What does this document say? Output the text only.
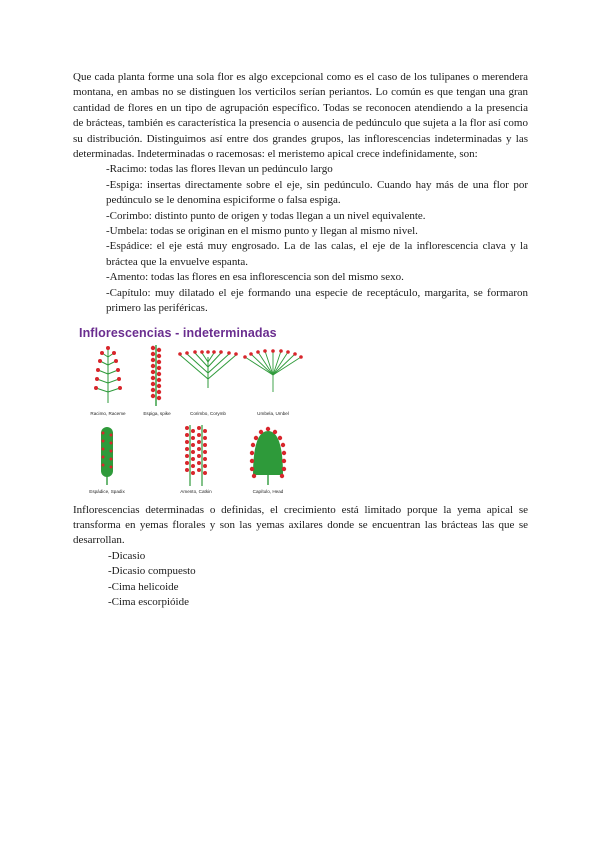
Que cada planta forme una sola flor es algo excepcional como es el caso de los tulipanes o merendera montana, en ambas no se distinguen los verticilos serían periantos. Lo común es que tengan una gran cantidad de flores en un tipo de agrupación específico. Todas se reconocen atendiendo a la presencia de brácteas, también es característica la presencia o ausencia de pedúnculo que sujeta a la flor así como su distribución. Distinguimos así entre dos grandes grupos, las inflorescencias indeterminadas y las determinadas. Indeterminadas o racemosas: el meristemo apical crece indefinidamente, son:

-Racimo: todas las flores llevan un pedúnculo largo
-Espiga: insertas directamente sobre el eje, sin pedúnculo. Cuando hay más de una flor por pedúnculo se le denomina espiciforme o falsa espiga.
-Corimbo: distinto punto de origen y todas llegan a un nivel equivalente.
-Umbela: todas se originan en el mismo punto y llegan al mismo nivel.
-Espádice: el eje está muy engrosado. La de las calas, el eje de la inflorescencia clava y la bráctea que la envuelve espanta.
-Amento: todas las flores en esa inflorescencia son del mismo sexo.
-Capítulo: muy dilatado el eje formando una especie de receptáculo, margarita, se formaron primero las periféricas.
Inflorescencias - indeterminadas
Racimo, Raceme	Espiga, spike	Corimbo, Corymb	Umbela, Umbel
Espádice, Spadix	Amento, Catkin	Capítulo, Head

Inflorescencias determinadas o definidas, el crecimiento está limitado porque la yema apical se transforma en yemas florales y son las yemas axilares donde se encuentran las brácteas las que se desarrollan.

-Dicasio
-Dicasio compuesto
-Cima helicoide
-Cima escorpióide
